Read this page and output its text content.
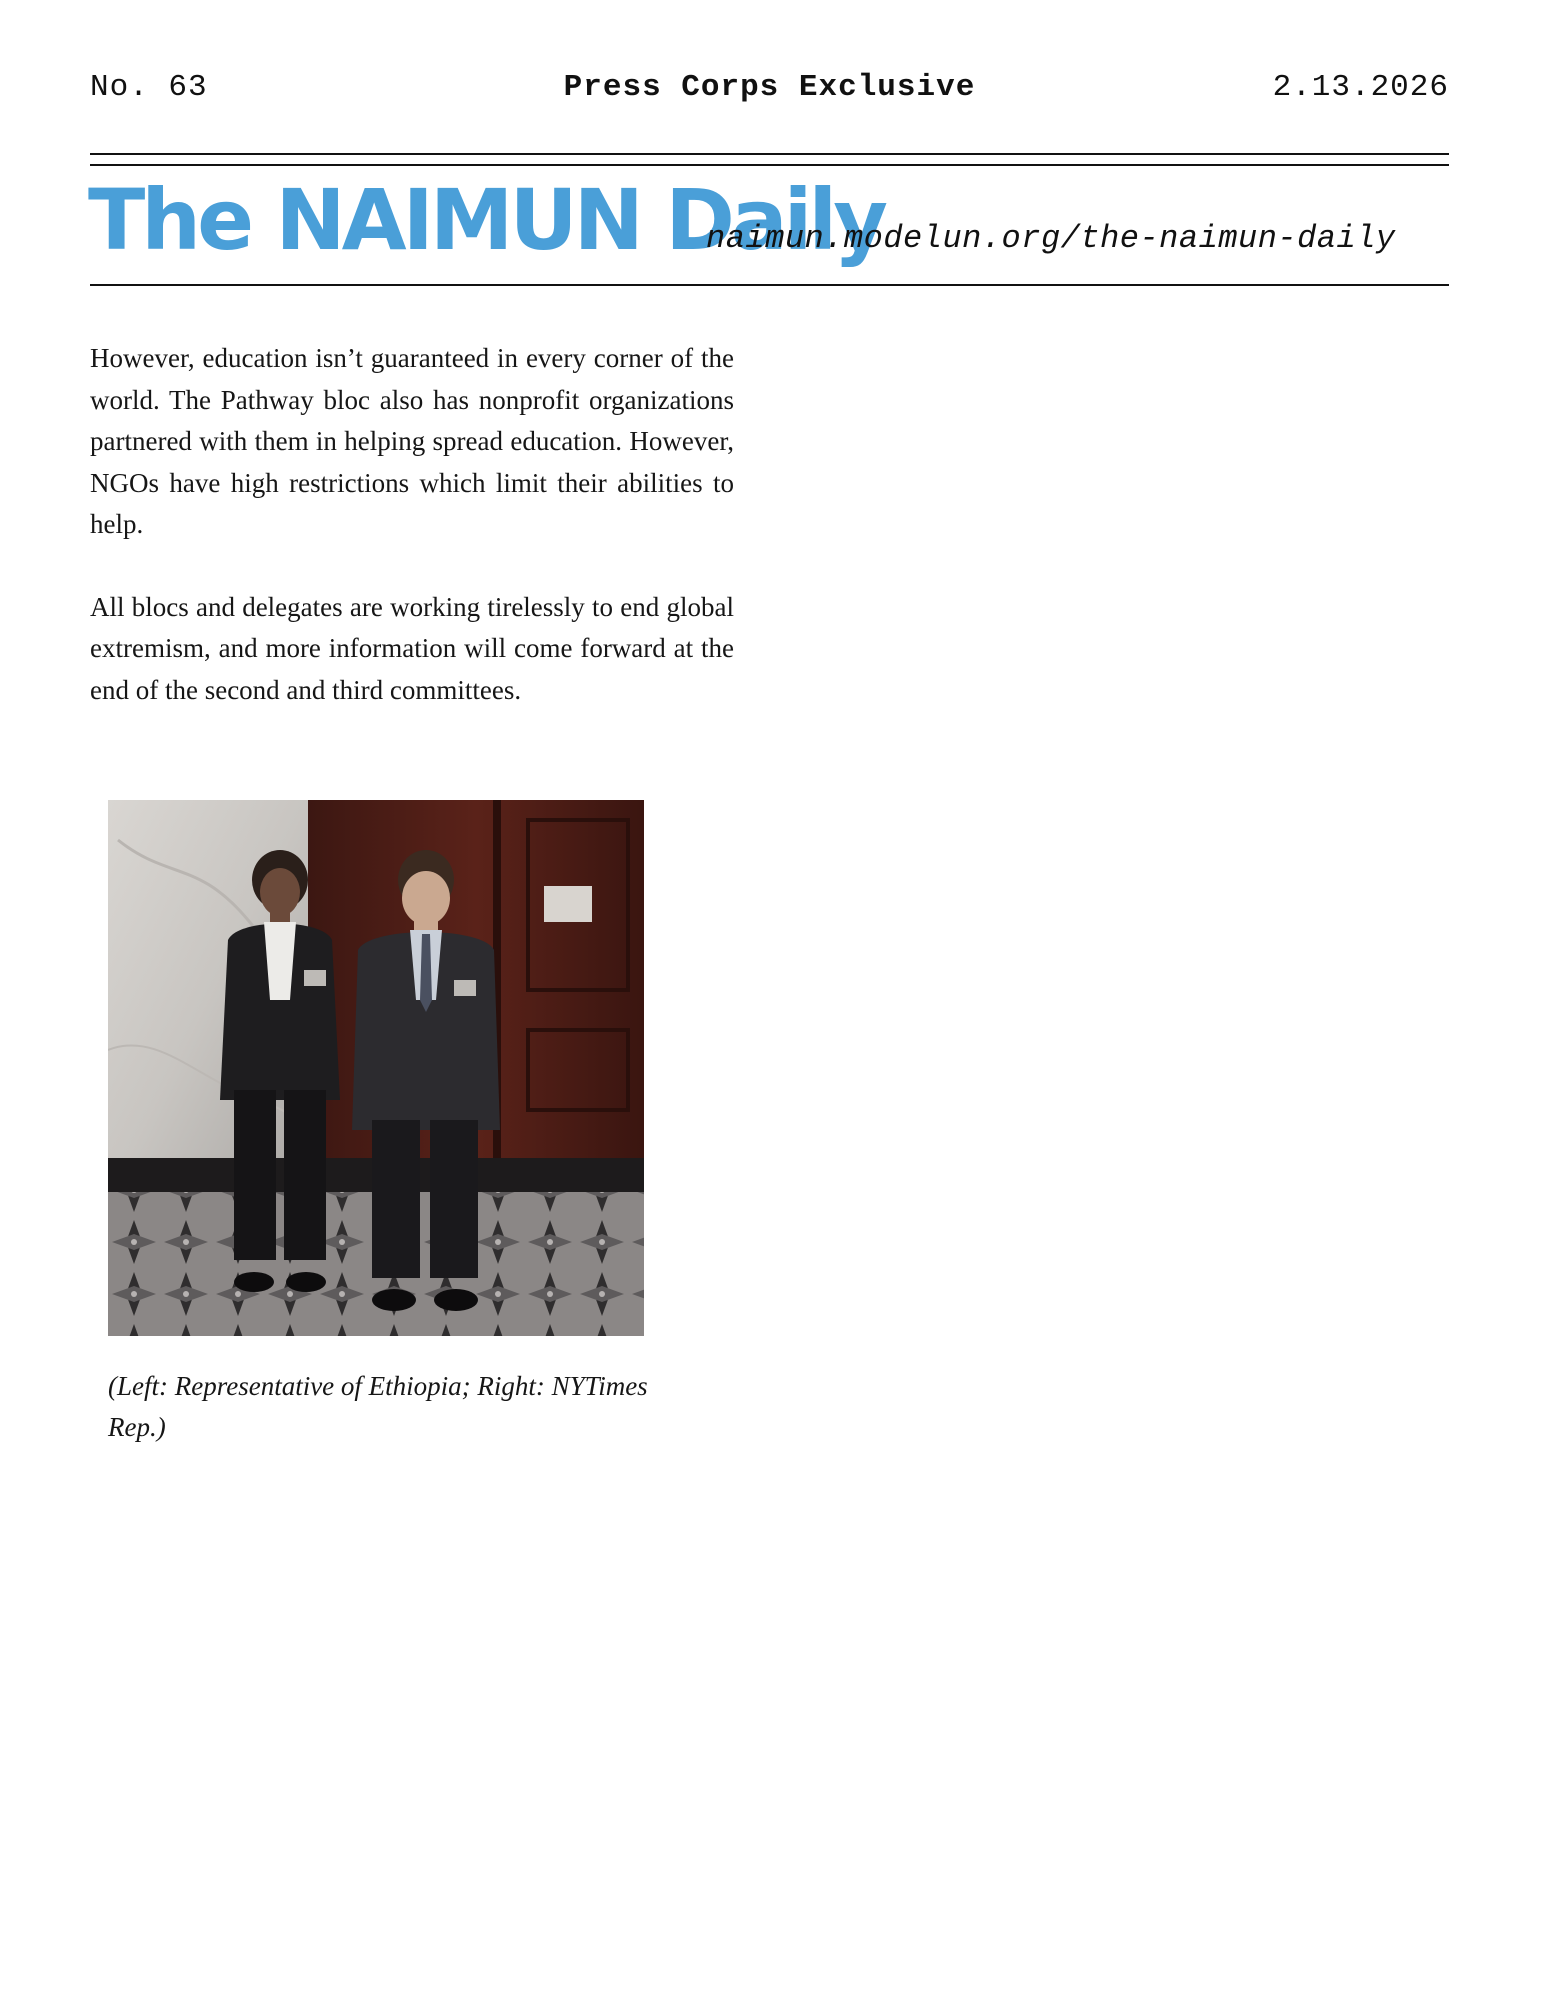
No. 63	Press Corps Exclusive	2.13.2026
The NAIMUN Daily
naimun.modelun.org/the-naimun-daily

However, education isn’t guaranteed in every corner of the world. The Pathway bloc also has nonprofit organizations partnered with them in helping spread education. However, NGOs have high restrictions which limit their abilities to help.

All blocs and delegates are working tirelessly to end global extremism, and more information will come forward at the end of the second and third committees.

(Left: Representative of Ethiopia; Right: NYTimes Rep.)
